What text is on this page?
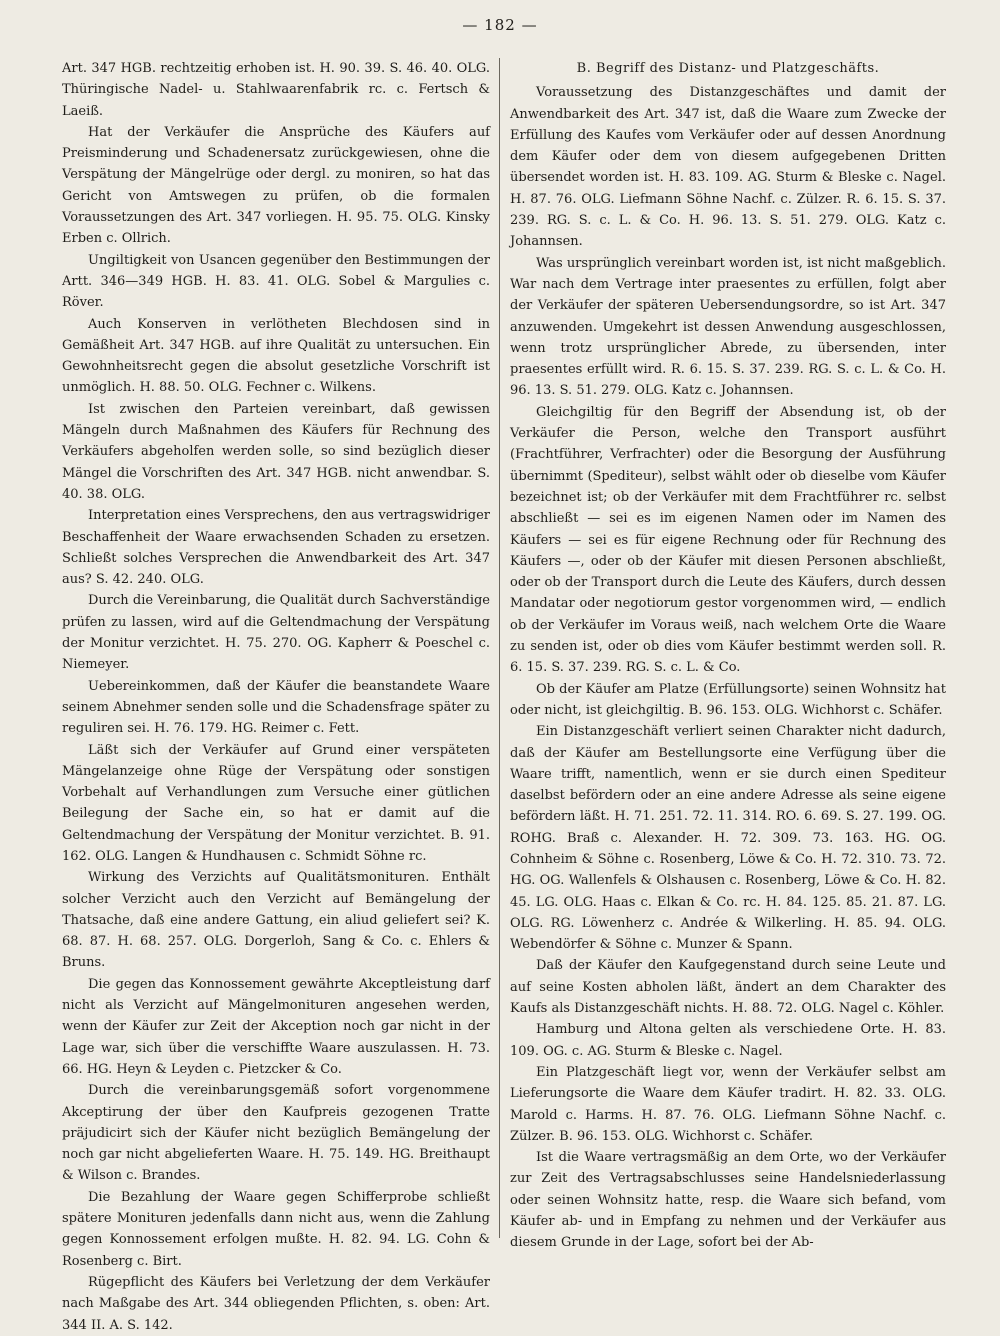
— 182 —

Art. 347 HGB. rechtzeitig erhoben ist. H. 90. 39. S. 46. 40. OLG. Thüringische Nadel- u. Stahlwaarenfabrik rc. c. Fertsch & Laeiß.

Hat der Verkäufer die Ansprüche des Käufers auf Preisminderung und Schadenersatz zurückgewiesen, ohne die Verspätung der Mängelrüge oder dergl. zu moniren, so hat das Gericht von Amtswegen zu prüfen, ob die formalen Voraussetzungen des Art. 347 vorliegen. H. 95. 75. OLG. Kinsky Erben c. Ollrich.

Ungiltigkeit von Usancen gegenüber den Bestimmungen der Artt. 346—349 HGB. H. 83. 41. OLG. Sobel & Margulies c. Röver.

Auch Konserven in verlötheten Blechdosen sind in Gemäßheit Art. 347 HGB. auf ihre Qualität zu untersuchen. Ein Gewohnheitsrecht gegen die absolut gesetzliche Vorschrift ist unmöglich. H. 88. 50. OLG. Fechner c. Wilkens.

Ist zwischen den Parteien vereinbart, daß gewissen Mängeln durch Maßnahmen des Käufers für Rechnung des Verkäufers abgeholfen werden solle, so sind bezüglich dieser Mängel die Vorschriften des Art. 347 HGB. nicht anwendbar. S. 40. 38. OLG.

Interpretation eines Versprechens, den aus vertragswidriger Beschaffenheit der Waare erwachsenden Schaden zu ersetzen. Schließt solches Versprechen die Anwendbarkeit des Art. 347 aus? S. 42. 240. OLG.

Durch die Vereinbarung, die Qualität durch Sachverständige prüfen zu lassen, wird auf die Geltendmachung der Verspätung der Monitur verzichtet. H. 75. 270. OG. Kapherr & Poeschel c. Niemeyer.

Uebereinkommen, daß der Käufer die beanstandete Waare seinem Abnehmer senden solle und die Schadensfrage später zu reguliren sei. H. 76. 179. HG. Reimer c. Fett.

Läßt sich der Verkäufer auf Grund einer verspäteten Mängelanzeige ohne Rüge der Verspätung oder sonstigen Vorbehalt auf Verhandlungen zum Versuche einer gütlichen Beilegung der Sache ein, so hat er damit auf die Geltendmachung der Verspätung der Monitur verzichtet. B. 91. 162. OLG. Langen & Hundhausen c. Schmidt Söhne rc.

Wirkung des Verzichts auf Qualitätsmonituren. Enthält solcher Verzicht auch den Verzicht auf Bemängelung der Thatsache, daß eine andere Gattung, ein aliud geliefert sei? K. 68. 87. H. 68. 257. OLG. Dorgerloh, Sang & Co. c. Ehlers & Bruns.

Die gegen das Konnossement gewährte Akceptleistung darf nicht als Verzicht auf Mängelmonituren angesehen werden, wenn der Käufer zur Zeit der Akception noch gar nicht in der Lage war, sich über die verschiffte Waare auszulassen. H. 73. 66. HG. Heyn & Leyden c. Pietzcker & Co.

Durch die vereinbarungsgemäß sofort vorgenommene Akceptirung der über den Kaufpreis gezogenen Tratte präjudicirt sich der Käufer nicht bezüglich Bemängelung der noch gar nicht abgelieferten Waare. H. 75. 149. HG. Breithaupt & Wilson c. Brandes.

Die Bezahlung der Waare gegen Schifferprobe schließt spätere Monituren jedenfalls dann nicht aus, wenn die Zahlung gegen Konnossement erfolgen mußte. H. 82. 94. LG. Cohn & Rosenberg c. Birt.

Rügepflicht des Käufers bei Verletzung der dem Verkäufer nach Maßgabe des Art. 344 obliegenden Pflichten, s. oben: Art. 344 II. A. S. 142.

B. Begriff des Distanz- und Platzgeschäfts.

Voraussetzung des Distanzgeschäftes und damit der Anwendbarkeit des Art. 347 ist, daß die Waare zum Zwecke der Erfüllung des Kaufes vom Verkäufer oder auf dessen Anordnung dem Käufer oder dem von diesem aufgegebenen Dritten übersendet worden ist. H. 83. 109. AG. Sturm & Bleske c. Nagel. H. 87. 76. OLG. Liefmann Söhne Nachf. c. Zülzer. R. 6. 15. S. 37. 239. RG. S. c. L. & Co. H. 96. 13. S. 51. 279. OLG. Katz c. Johannsen.

Was ursprünglich vereinbart worden ist, ist nicht maßgeblich. War nach dem Vertrage inter praesentes zu erfüllen, folgt aber der Verkäufer der späteren Uebersendungsordre, so ist Art. 347 anzuwenden. Umgekehrt ist dessen Anwendung ausgeschlossen, wenn trotz ursprünglicher Abrede, zu übersenden, inter praesentes erfüllt wird. R. 6. 15. S. 37. 239. RG. S. c. L. & Co. H. 96. 13. S. 51. 279. OLG. Katz c. Johannsen.

Gleichgiltig für den Begriff der Absendung ist, ob der Verkäufer die Person, welche den Transport ausführt (Frachtführer, Verfrachter) oder die Besorgung der Ausführung übernimmt (Spediteur), selbst wählt oder ob dieselbe vom Käufer bezeichnet ist; ob der Verkäufer mit dem Frachtführer rc. selbst abschließt — sei es im eigenen Namen oder im Namen des Käufers — sei es für eigene Rechnung oder für Rechnung des Käufers —, oder ob der Käufer mit diesen Personen abschließt, oder ob der Transport durch die Leute des Käufers, durch dessen Mandatar oder negotiorum gestor vorgenommen wird, — endlich ob der Verkäufer im Voraus weiß, nach welchem Orte die Waare zu senden ist, oder ob dies vom Käufer bestimmt werden soll. R. 6. 15. S. 37. 239. RG. S. c. L. & Co.

Ob der Käufer am Platze (Erfüllungsorte) seinen Wohnsitz hat oder nicht, ist gleichgiltig. B. 96. 153. OLG. Wichhorst c. Schäfer.

Ein Distanzgeschäft verliert seinen Charakter nicht dadurch, daß der Käufer am Bestellungsorte eine Verfügung über die Waare trifft, namentlich, wenn er sie durch einen Spediteur daselbst befördern oder an eine andere Adresse als seine eigene befördern läßt. H. 71. 251. 72. 11. 314. RO. 6. 69. S. 27. 199. OG. ROHG. Braß c. Alexander. H. 72. 309. 73. 163. HG. OG. Cohnheim & Söhne c. Rosenberg, Löwe & Co. H. 72. 310. 73. 72. HG. OG. Wallenfels & Olshausen c. Rosenberg, Löwe & Co. H. 82. 45. LG. OLG. Haas c. Elkan & Co. rc. H. 84. 125. 85. 21. 87. LG. OLG. RG. Löwenherz c. Andrée & Wilkerling. H. 85. 94. OLG. Webendörfer & Söhne c. Munzer & Spann.

Daß der Käufer den Kaufgegenstand durch seine Leute und auf seine Kosten abholen läßt, ändert an dem Charakter des Kaufs als Distanzgeschäft nichts. H. 88. 72. OLG. Nagel c. Köhler.

Hamburg und Altona gelten als verschiedene Orte. H. 83. 109. OG. c. AG. Sturm & Bleske c. Nagel.

Ein Platzgeschäft liegt vor, wenn der Verkäufer selbst am Lieferungsorte die Waare dem Käufer tradirt. H. 82. 33. OLG. Marold c. Harms. H. 87. 76. OLG. Liefmann Söhne Nachf. c. Zülzer. B. 96. 153. OLG. Wichhorst c. Schäfer.

Ist die Waare vertragsmäßig an dem Orte, wo der Verkäufer zur Zeit des Vertragsabschlusses seine Handelsniederlassung oder seinen Wohnsitz hatte, resp. die Waare sich befand, vom Käufer ab- und in Empfang zu nehmen und der Verkäufer aus diesem Grunde in der Lage, sofort bei der Ab-
